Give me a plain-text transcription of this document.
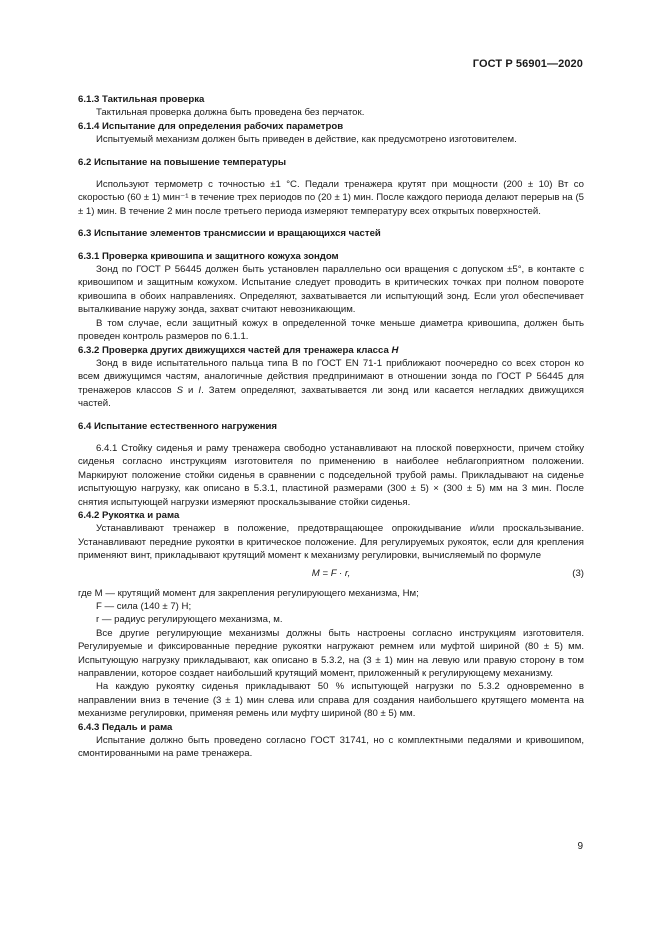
ГОСТ Р 56901—2020

6.1.3 Тактильная проверка

Тактильная проверка должна быть проведена без перчаток.

6.1.4 Испытание для определения рабочих параметров

Испытуемый механизм должен быть приведен в действие, как предусмотрено изготовителем.

6.2 Испытание на повышение температуры

Используют термометр с точностью ±1 °С. Педали тренажера крутят при мощности (200 ± 10) Вт со скоростью (60 ± 1) мин⁻¹ в течение трех периодов по (20 ± 1) мин. После каждого периода делают перерыв на (5 ± 1) мин. В течение 2 мин после третьего периода измеряют температуру всех открытых поверхностей.

6.3 Испытание элементов трансмиссии и вращающихся частей

6.3.1 Проверка кривошипа и защитного кожуха зондом

Зонд по ГОСТ Р 56445 должен быть установлен параллельно оси вращения с допуском ±5°, в контакте с кривошипом и защитным кожухом. Испытание следует проводить в критических точках при полном повороте кривошипа в обоих направлениях. Определяют, захватывается ли испытующий зонд. Если угол обеспечивает выталкивание наружу зонда, захват считают невозникающим.

В том случае, если защитный кожух в определенной точке меньше диаметра кривошипа, должен быть проведен контроль размеров по 6.1.1.

6.3.2 Проверка других движущихся частей для тренажера класса H

Зонд в виде испытательного пальца типа В по ГОСТ EN 71-1 приближают поочередно со всех сторон ко всем движущимся частям, аналогичные действия предпринимают в отношении зонда по ГОСТ Р 56445 для тренажеров классов S и I. Затем определяют, захватывается ли зонд или касается негладких движущихся частей.

6.4 Испытание естественного нагружения

6.4.1 Стойку сиденья и раму тренажера свободно устанавливают на плоской поверхности, причем стойку сиденья согласно инструкциям изготовителя по применению в наиболее неблагоприятном положении. Маркируют положение стойки сиденья в сравнении с подседельной трубой рамы. Прикладывают на сиденье испытующую нагрузку, как описано в 5.3.1, пластиной размерами (300 ± 5) × (300 ± 5) мм на 3 мин. После снятия испытующей нагрузки измеряют проскальзывание стойки сиденья.

6.4.2 Рукоятка и рама

Устанавливают тренажер в положение, предотвращающее опрокидывание и/или проскальзывание. Устанавливают передние рукоятки в критическое положение. Для регулируемых рукояток, если для крепления применяют винт, прикладывают крутящий момент к механизму регулировки, вычисляемый по формуле

M = F · r,	(3)

где M — крутящий момент для закрепления регулирующего механизма, Нм;

F — сила (140 ± 7) Н;

r — радиус регулирующего механизма, м.

Все другие регулирующие механизмы должны быть настроены согласно инструкциям изготовителя. Регулируемые и фиксированные передние рукоятки нагружают ремнем или муфтой шириной (80 ± 5) мм. Испытующую нагрузку прикладывают, как описано в 5.3.2, на (3 ± 1) мин на левую или правую сторону в том направлении, которое создает наибольший крутящий момент, приложенный к регулирующему механизму.

На каждую рукоятку сиденья прикладывают 50 % испытующей нагрузки по 5.3.2 одновременно в направлении вниз в течение (3 ± 1) мин слева или справа для создания наибольшего крутящего момента на механизме регулировки, применяя ремень или муфту шириной (80 ± 5) мм.

6.4.3 Педаль и рама

Испытание должно быть проведено согласно ГОСТ 31741, но с комплектными педалями и кривошипом, смонтированными на раме тренажера.

9
